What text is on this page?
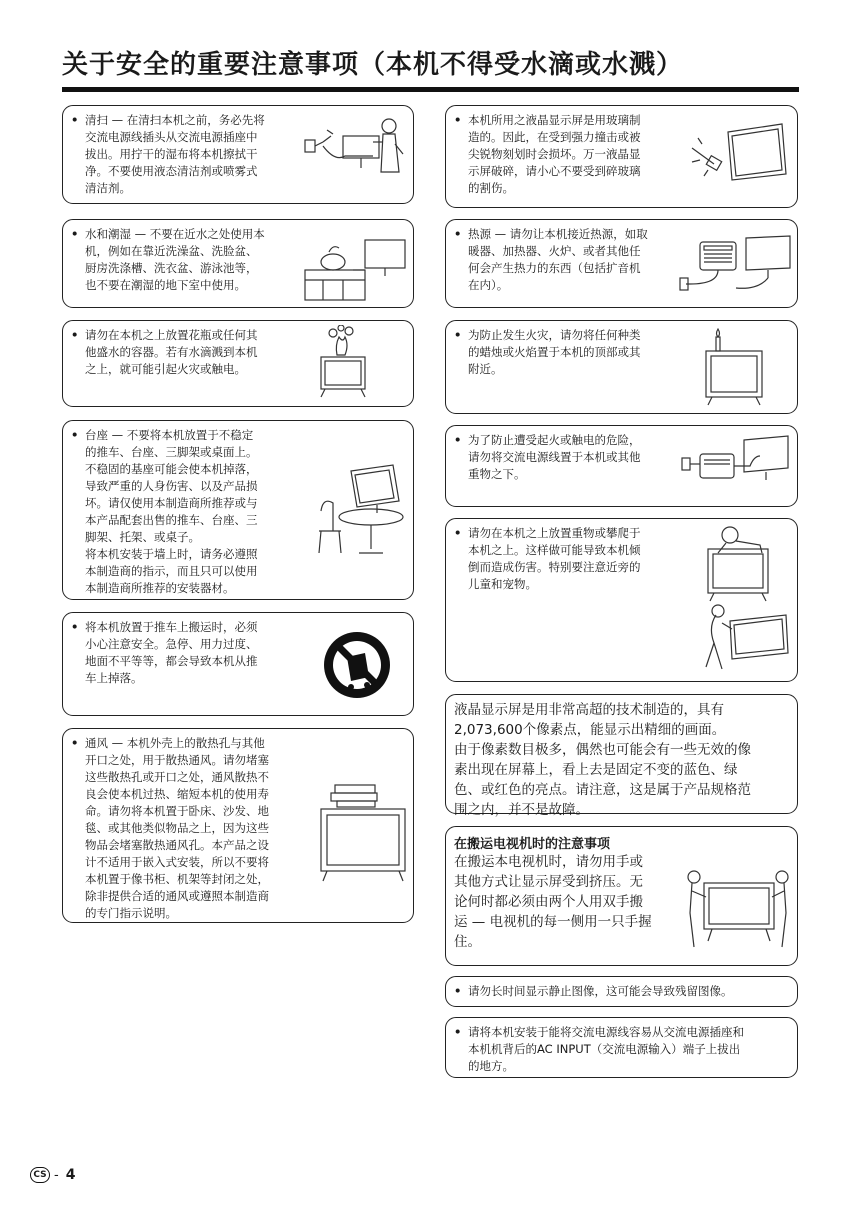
关于安全的重要注意事项（本机不得受水滴或水溅）
• 清扫 — 在清扫本机之前，务必先将
交流电源线插头从交流电源插座中
拔出。用拧干的湿布将本机擦拭干
净。不要使用液态清洁剂或喷雾式
清洁剂。
• 水和潮湿 — 不要在近水之处使用本
机，例如在靠近洗澡盆、洗脸盆、
厨房洗涤槽、洗衣盆、游泳池等，
也不要在潮湿的地下室中使用。
• 请勿在本机之上放置花瓶或任何其
他盛水的容器。若有水滴溅到本机
之上，就可能引起火灾或触电。
• 台座 — 不要将本机放置于不稳定
的推车、台座、三脚架或桌面上。
不稳固的基座可能会使本机掉落，
导致严重的人身伤害、以及产品损
坏。请仅使用本制造商所推荐或与
本产品配套出售的推车、台座、三
脚架、托架、或桌子。
将本机安装于墙上时，请务必遵照
本制造商的指示，而且只可以使用
本制造商所推荐的安装器材。
• 将本机放置于推车上搬运时，必须
小心注意安全。急停、用力过度、
地面不平等等，都会导致本机从推
车上掉落。
• 通风 — 本机外壳上的散热孔与其他
开口之处，用于散热通风。请勿堵塞
这些散热孔或开口之处，通风散热不
良会使本机过热、缩短本机的使用寿
命。请勿将本机置于卧床、沙发、地
毯、或其他类似物品之上，因为这些
物品会堵塞散热通风孔。本产品之设
计不适用于嵌入式安装，所以不要将
本机置于像书柜、机架等封闭之处，
除非提供合适的通风或遵照本制造商
的专门指示说明。
• 本机所用之液晶显示屏是用玻璃制
造的。因此，在受到强力撞击或被
尖锐物刻划时会损坏。万一液晶显
示屏破碎，请小心不要受到碎玻璃
的割伤。
• 热源 — 请勿让本机接近热源，如取
暖器、加热器、火炉、或者其他任
何会产生热力的东西（包括扩音机
在内）。
• 为防止发生火灾，请勿将任何种类
的蜡烛或火焰置于本机的顶部或其
附近。
• 为了防止遭受起火或触电的危险，
请勿将交流电源线置于本机或其他
重物之下。
• 请勿在本机之上放置重物或攀爬于
本机之上。这样做可能导致本机倾
倒而造成伤害。特别要注意近旁的
儿童和宠物。
液晶显示屏是用非常高超的技术制造的，具有
2,073,600个像素点，能显示出精细的画面。
由于像素数目极多，偶然也可能会有一些无效的像
素出现在屏幕上，看上去是固定不变的蓝色、绿
色、或红色的亮点。请注意，这是属于产品规格范
围之内，并不是故障。
在搬运电视机时的注意事项
在搬运本电视机时，请勿用手或
其他方式让显示屏受到挤压。无
论何时都必须由两个人用双手搬
运 — 电视机的每一侧用一只手握
住。
• 请勿长时间显示静止图像，这可能会导致残留图像。
• 请将本机安装于能将交流电源线容易从交流电源插座和
本机机背后的AC INPUT（交流电源输入）端子上拔出
的地方。
CS - 4
